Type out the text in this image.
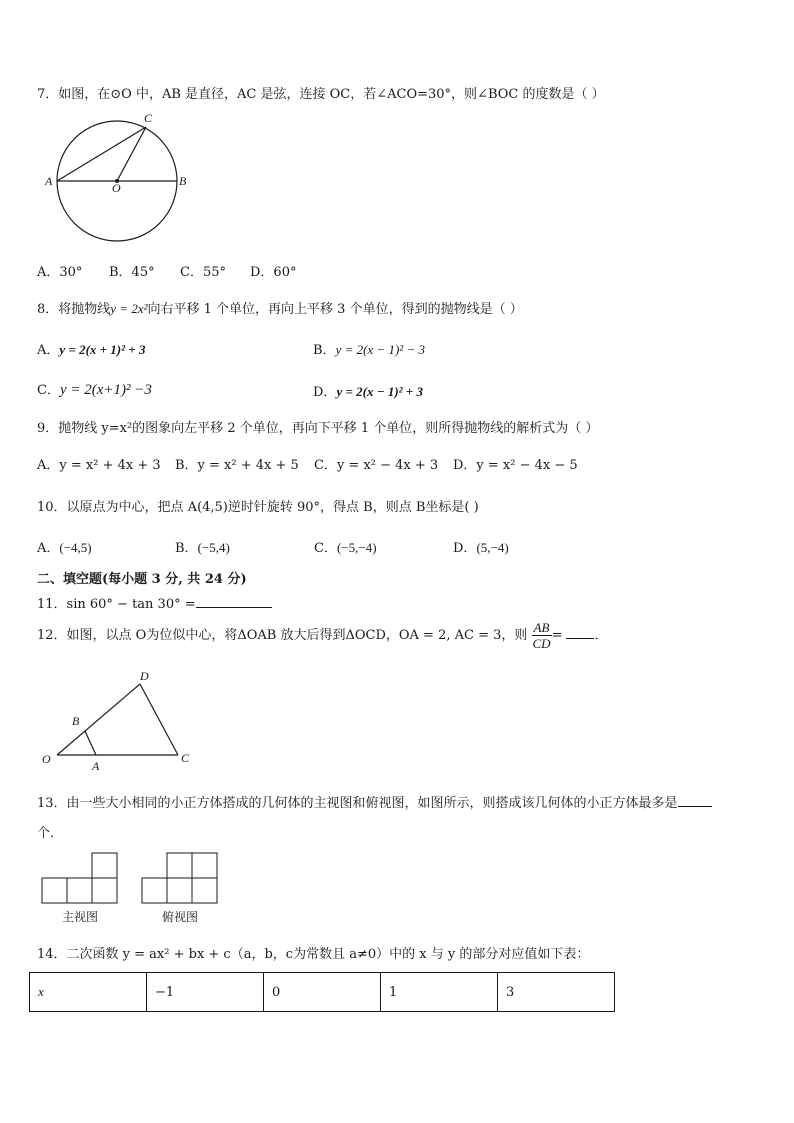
7．如图，在⊙O 中，AB 是直径，AC 是弦，连接 OC，若∠ACO=30°，则∠BOC 的度数是（ ）
C
A	B
O
A．30° B．45° C．55° D．60°
8．将抛物线y = 2x²向右平移 1 个单位，再向上平移 3 个单位，得到的抛物线是（ ）
A．y = 2(x + 1)² + 3	B．y = 2(x − 1)² − 3
C．y = 2(x+1)² −3	D．y = 2(x − 1)² + 3
9．抛物线 y=x²的图象向左平移 2 个单位，再向下平移 1 个单位，则所得抛物线的解析式为（ ）
A．y = x² + 4x + 3 B．y = x² + 4x + 5 C．y = x² − 4x + 3 D．y = x² − 4x − 5
10．以原点为中心，把点 A(4,5)逆时针旋转 90°，得点 B，则点 B坐标是( )
A．(−4,5)	B．(−5,4)	C．(−5,−4)	D．(5,−4)
二、填空题(每小题 3 分, 共 24 分)
11．sin 60° − tan 30° =
12．如图，以点 O为位似中心，将ΔOAB 放大后得到ΔOCD，OA = 2, AC = 3，则 $\frac{AB}{CD}$ = ．
D
B
O	A
C
13．由一些大小相同的小正方体搭成的几何体的主视图和俯视图，如图所示，则搭成该几何体的小正方体最多是
个．
主视图	俯视图
14．二次函数 y = ax² + bx + c（a，b，c为常数且 a≠0）中的 x 与 y 的部分对应值如下表：
x	−1	0	1	3
